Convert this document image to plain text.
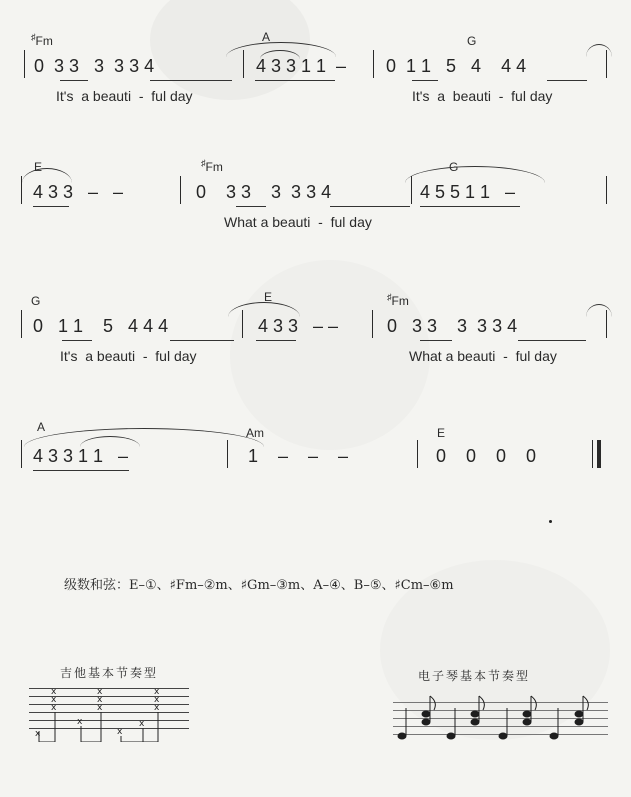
♯Fm	A	G
0  3 3   3  3 3 4	4 3 3 1 1  – 0  1 1   5   4    4 4
It's  a beauti  -  ful day	It's  a  beauti  -  ful day
E	♯Fm	G
4 3 3   –   –	0    3 3    3  3 3 4	4 5 5 1 1   –
What a beauti  -  ful day
G	E	♯Fm
0   1 1    5   4 4 4	4 3 3   – –	0   3 3    3  3 3 4
It's  a beauti  -  ful day	What a beauti  -  ful day
A	Am	E
4 3 3 1 1   –	1    –    –    –	0    0    0    0
级数和弦：E–①、♯Fm–②m、♯Gm–③m、A–④、B–⑤、♯Cm–⑥m
吉他基本节奏型	电子琴基本节奏型
x
x
x
x
x
x
x
x
x
x
x
x
x
